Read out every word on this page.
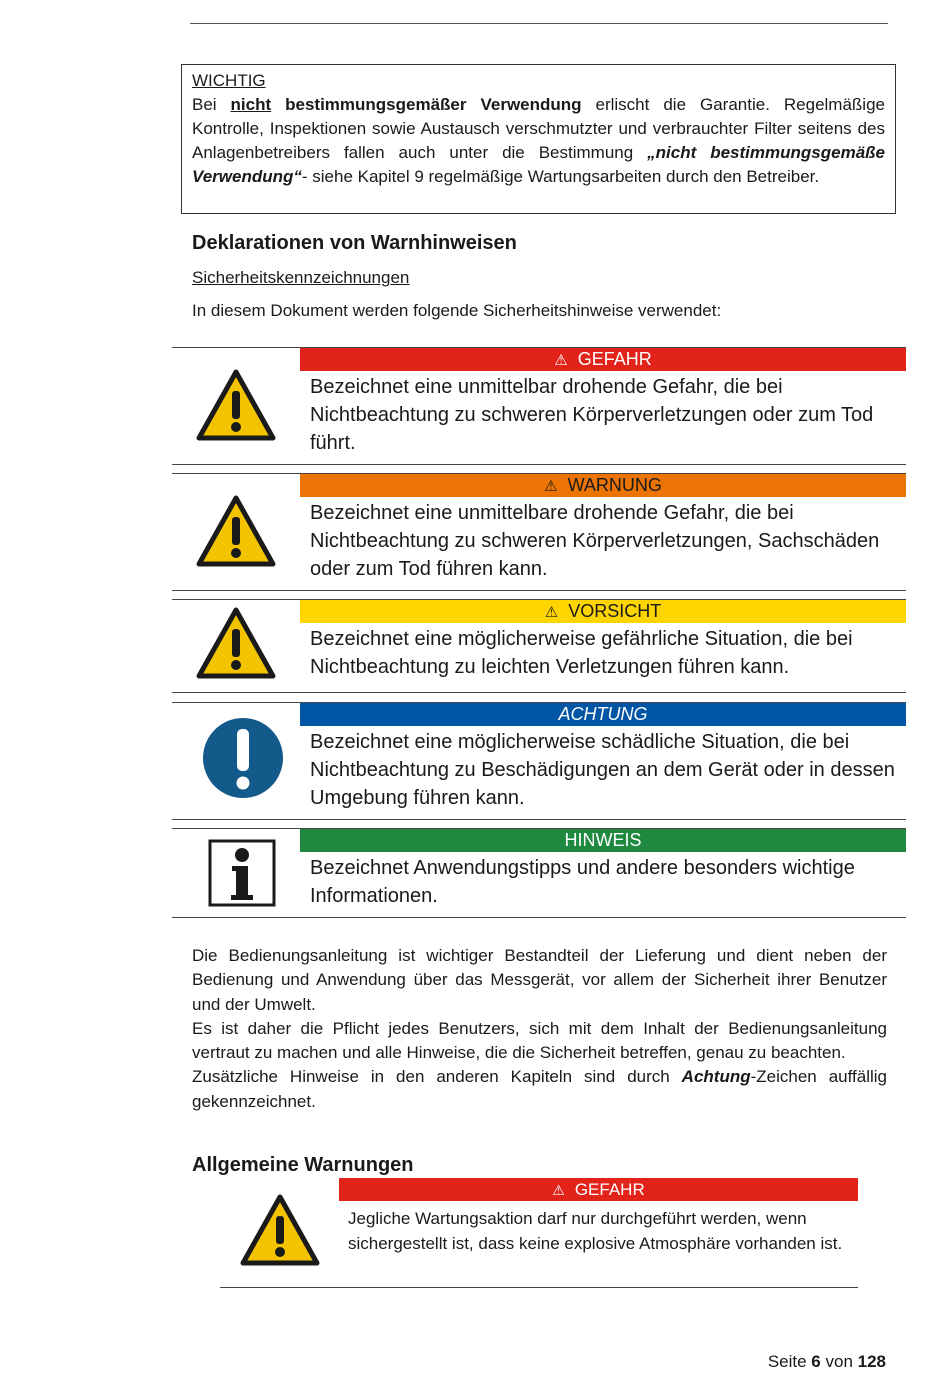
WICHTIG
Bei nicht bestimmungsgemäßer Verwendung erlischt die Garantie. Regelmäßige Kontrolle, Inspektionen sowie Austausch verschmutzter und verbrauchter Filter seitens des Anlagenbetreibers fallen auch unter die Bestimmung „nicht bestimmungsgemäße Verwendung“- siehe Kapitel 9 regelmäßige Wartungsarbeiten durch den Betreiber.
Deklarationen von Warnhinweisen
Sicherheitskennzeichnungen
In diesem Dokument werden folgende Sicherheitshinweise verwendet:
⚠ GEFAHR
Bezeichnet eine unmittelbar drohende Gefahr, die bei Nichtbeachtung zu schweren Körperverletzungen oder zum Tod führt.
⚠ WARNUNG
Bezeichnet eine unmittelbare drohende Gefahr, die bei Nichtbeachtung zu schweren Körperverletzungen, Sachschäden oder zum Tod führen kann.
⚠ VORSICHT
Bezeichnet eine möglicherweise gefährliche Situation, die bei Nichtbeachtung zu leichten Verletzungen führen kann.
ACHTUNG
Bezeichnet eine möglicherweise schädliche Situation, die bei Nichtbeachtung zu Beschädigungen an dem Gerät oder in dessen Umgebung führen kann.
HINWEIS
Bezeichnet Anwendungstipps und andere besonders wichtige Informationen.

Die Bedienungsanleitung ist wichtiger Bestandteil der Lieferung und dient neben der Bedienung und Anwendung über das Messgerät, vor allem der Sicherheit ihrer Benutzer und der Umwelt.

Es ist daher die Pflicht jedes Benutzers, sich mit dem Inhalt der Bedienungsanleitung vertraut zu machen und alle Hinweise, die die Sicherheit betreffen, genau zu beachten.

Zusätzliche Hinweise in den anderen Kapiteln sind durch Achtung-Zeichen auffällig gekennzeichnet.

Allgemeine Warnungen
⚠ GEFAHR
Jegliche Wartungsaktion darf nur durchgeführt werden, wenn sichergestellt ist, dass keine explosive Atmosphäre vorhanden ist.
Seite 6 von 128
